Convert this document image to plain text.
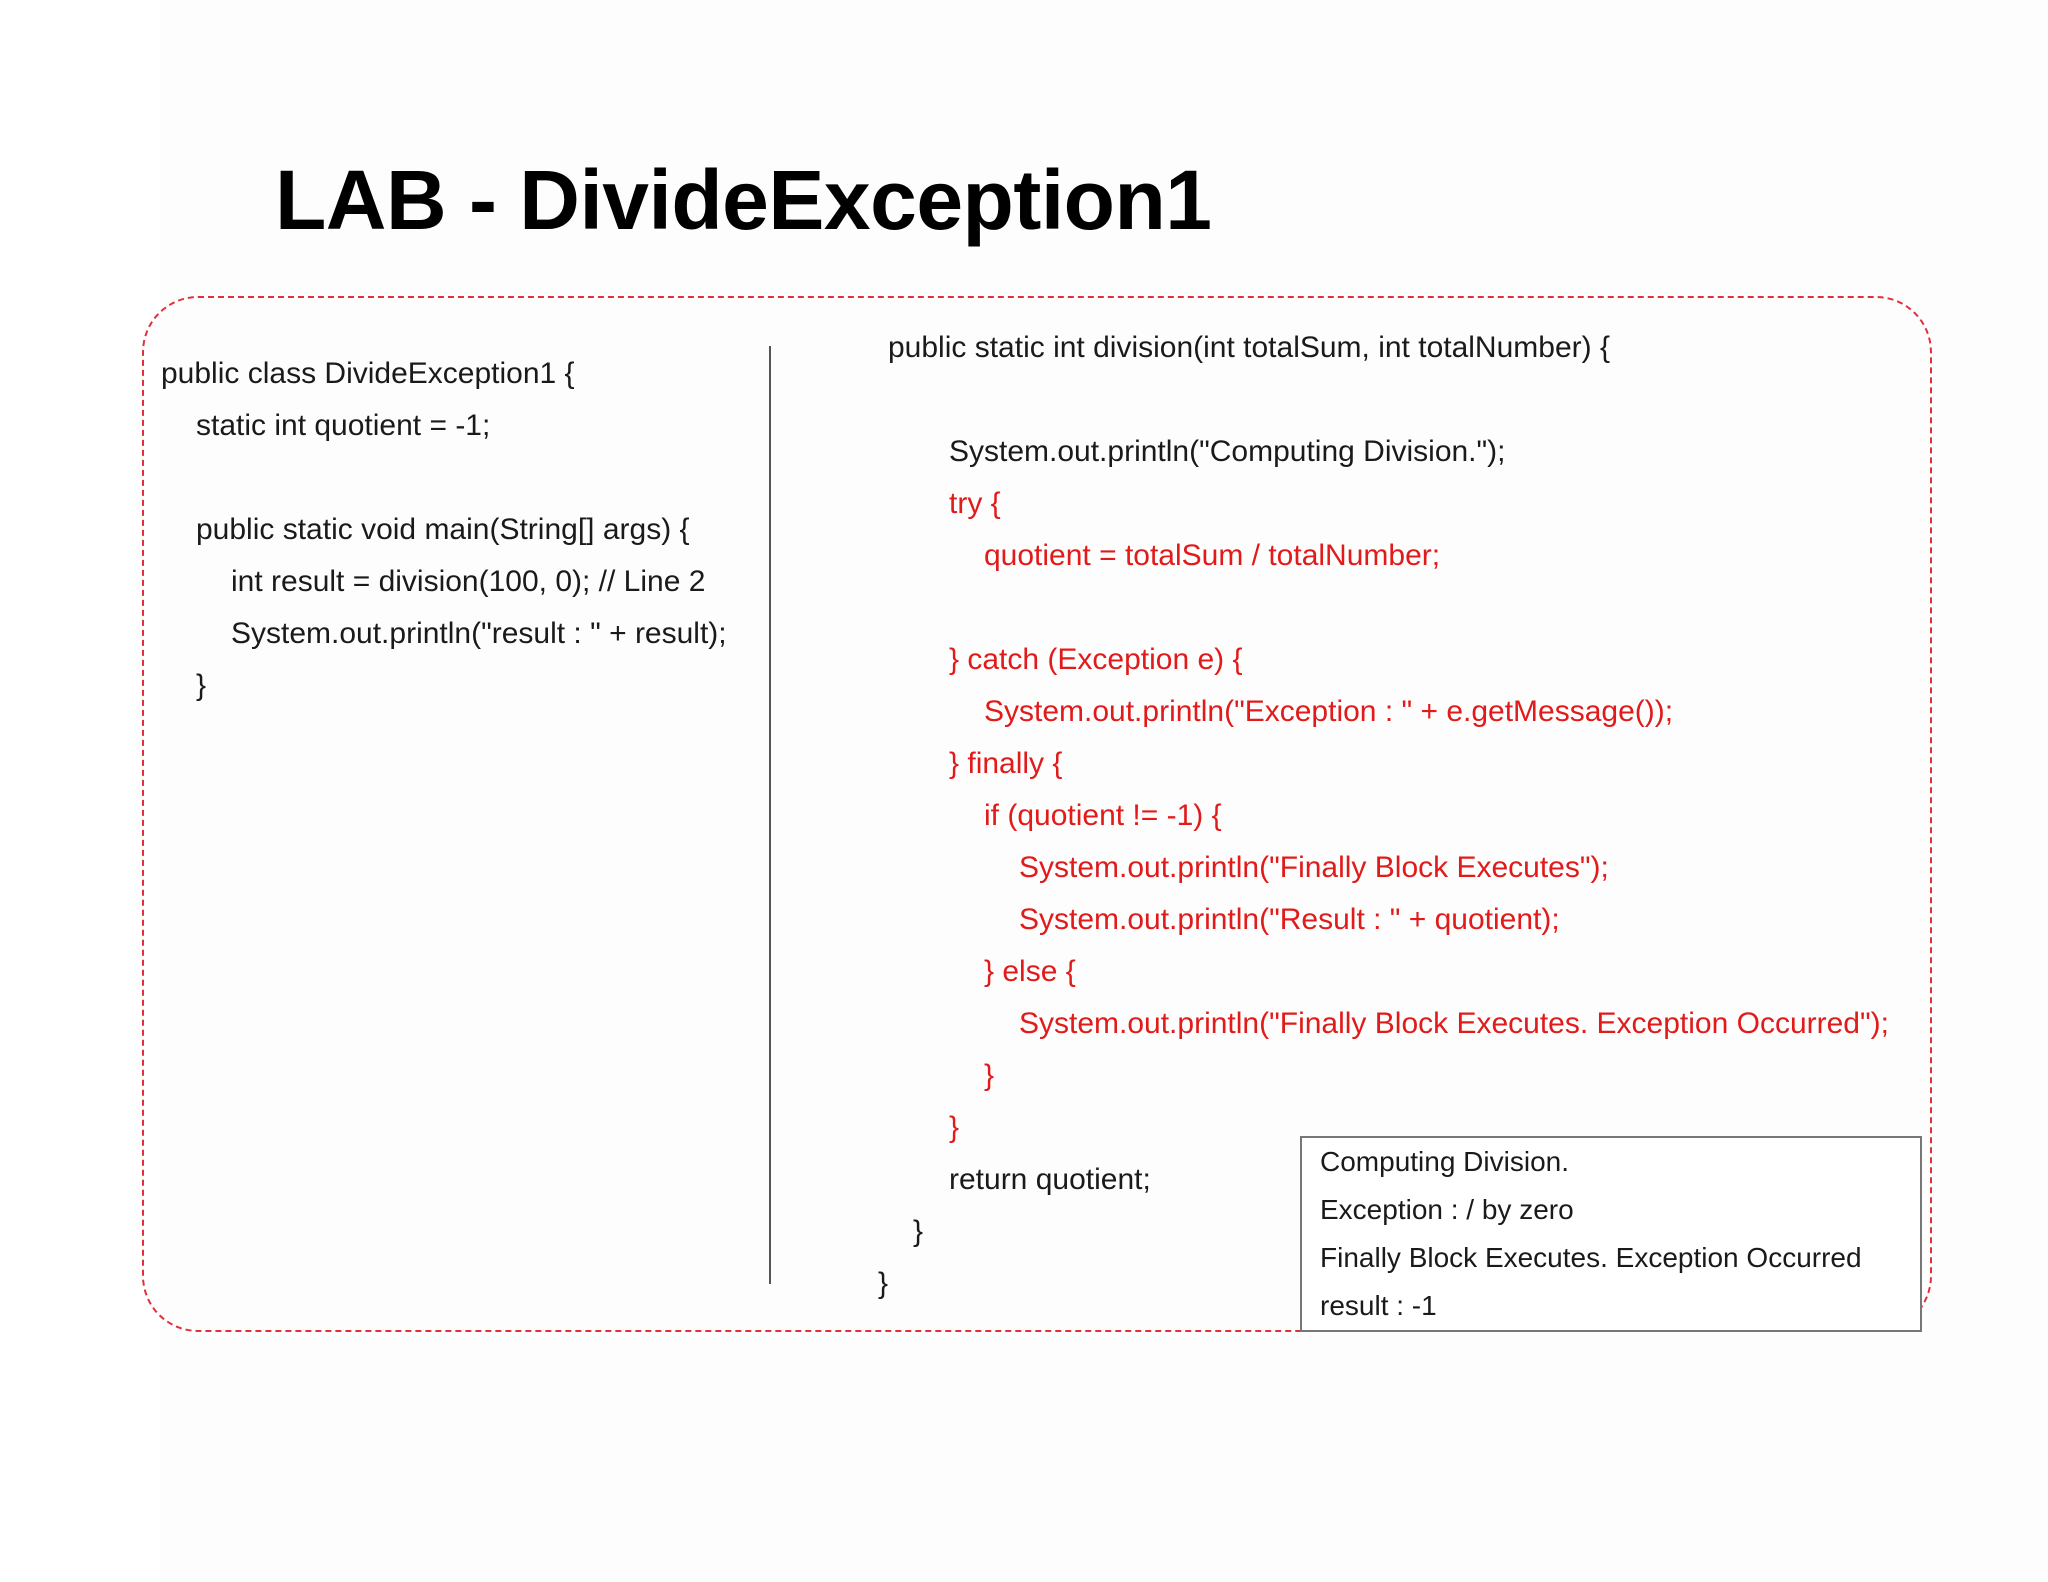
LAB - DivideException1
public class DivideException1 {
static int quotient = -1;
public static void main(String[] args) {
int result = division(100, 0); // Line 2
System.out.println("result : " + result);
}
public static int division(int totalSum, int totalNumber) {
System.out.println("Computing Division.");
try {
quotient = totalSum / totalNumber;
} catch (Exception e) {
System.out.println("Exception : " + e.getMessage());
} finally {
if (quotient != -1) {
System.out.println("Finally Block Executes");
System.out.println("Result : " + quotient);
} else {
System.out.println("Finally Block Executes. Exception Occurred");
}
}
return quotient;
}
}
Computing Division.
Exception : / by zero
Finally Block Executes. Exception Occurred
result : -1
